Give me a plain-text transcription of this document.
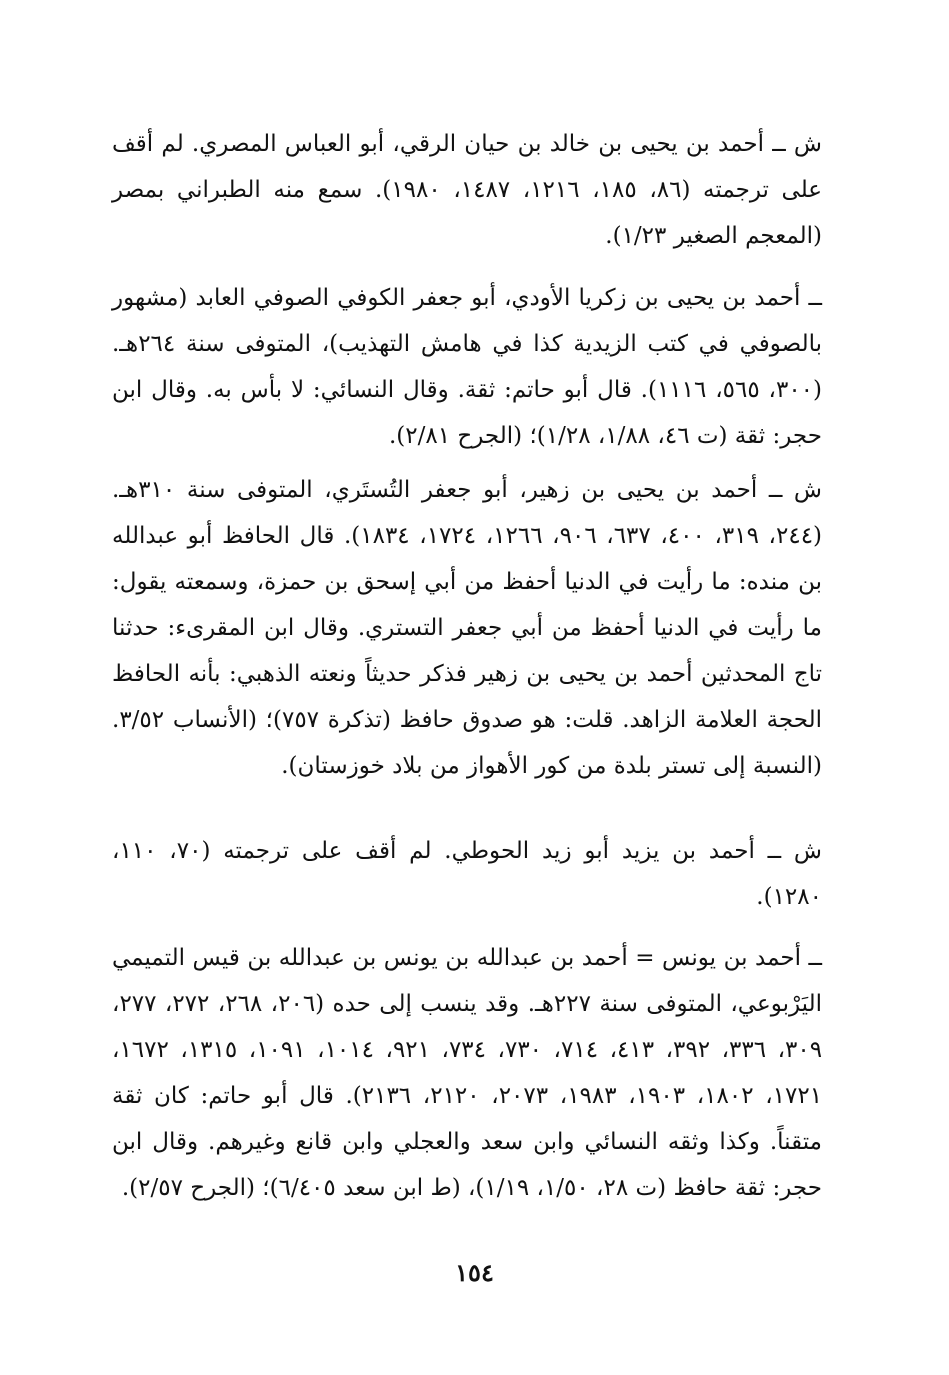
ش ــ أحمد بن يحيى بن خالد بن حيان الرقي، أبو العباس المصري. لم أقف على ترجمته (٨٦، ١٨٥، ١٢١٦، ١٤٨٧، ١٩٨٠). سمع منه الطبراني بمصر (المعجم الصغير ١/٢٣).

ــ أحمد بن يحيى بن زكريا الأودي، أبو جعفر الكوفي الصوفي العابد (مشهور بالصوفي في كتب الزيدية كذا في هامش التهذيب)، المتوفى سنة ٢٦٤هـ. (٣٠٠، ٥٦٥، ١١١٦). قال أبو حاتم: ثقة. وقال النسائي: لا بأس به. وقال ابن حجر: ثقة (ت ٤٦، ١/٨٨، ١/٢٨)؛ (الجرح ٢/٨١).

ش ــ أحمد بن يحيى بن زهير، أبو جعفر التُستَري، المتوفى سنة ٣١٠هـ. (٢٤٤، ٣١٩، ٤٠٠، ٦٣٧، ٩٠٦، ١٢٦٦، ١٧٢٤، ١٨٣٤). قال الحافظ أبو عبدالله بن منده: ما رأيت في الدنيا أحفظ من أبي إسحق بن حمزة، وسمعته يقول: ما رأيت في الدنيا أحفظ من أبي جعفر التستري. وقال ابن المقرىء: حدثنا تاج المحدثين أحمد بن يحيى بن زهير فذكر حديثاً ونعته الذهبي: بأنه الحافظ الحجة العلامة الزاهد. قلت: هو صدوق حافظ (تذكرة ٧٥٧)؛ (الأنساب ٣/٥٢. (النسبة إلى تستر بلدة من كور الأهواز من بلاد خوزستان).

ش ــ أحمد بن يزيد أبو زيد الحوطي. لم أقف على ترجمته (٧٠، ١١٠، ١٢٨٠).

ــ أحمد بن يونس = أحمد بن عبدالله بن يونس بن عبدالله بن قيس التميمي اليَرْبوعي، المتوفى سنة ٢٢٧هـ. وقد ينسب إلى حده (٢٠٦، ٢٦٨، ٢٧٢، ٢٧٧، ٣٠٩، ٣٣٦، ٣٩٢، ٤١٣، ٧١٤، ٧٣٠، ٧٣٤، ٩٢١، ١٠١٤، ١٠٩١، ١٣١٥، ١٦٧٢، ١٧٢١، ١٨٠٢، ١٩٠٣، ١٩٨٣، ٢٠٧٣، ٢١٢٠، ٢١٣٦). قال أبو حاتم: كان ثقة متقناً. وكذا وثقه النسائي وابن سعد والعجلي وابن قانع وغيرهم. وقال ابن حجر: ثقة حافظ (ت ٢٨، ١/٥٠، ١/١٩)، (ط ابن سعد ٦/٤٠٥)؛ (الجرح ٢/٥٧).

١٥٤
